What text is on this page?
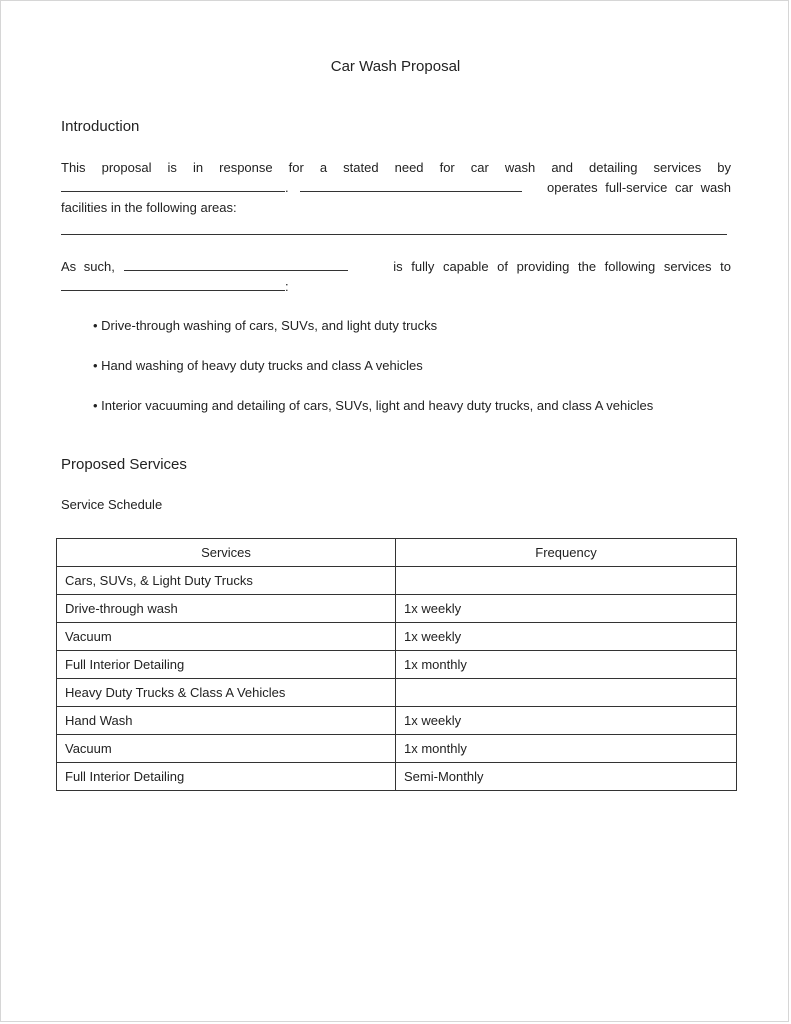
Car Wash Proposal
Introduction
This proposal is in response for a stated need for car wash and detailing services by
.	operates full-service car wash
facilities in the following areas:
As such,	is fully capable of providing the following services to
:
• Drive-through washing of cars, SUVs, and light duty trucks
• Hand washing of heavy duty trucks and class A vehicles
• Interior vacuuming and detailing of cars, SUVs, light and heavy duty trucks, and class A vehicles
Proposed Services
Service Schedule
Services	Frequency
Cars, SUVs, & Light Duty Trucks	
Drive-through wash	1x weekly
Vacuum	1x weekly
Full Interior Detailing	1x monthly
Heavy Duty Trucks & Class A Vehicles	
Hand Wash	1x weekly
Vacuum	1x monthly
Full Interior Detailing	Semi-Monthly
